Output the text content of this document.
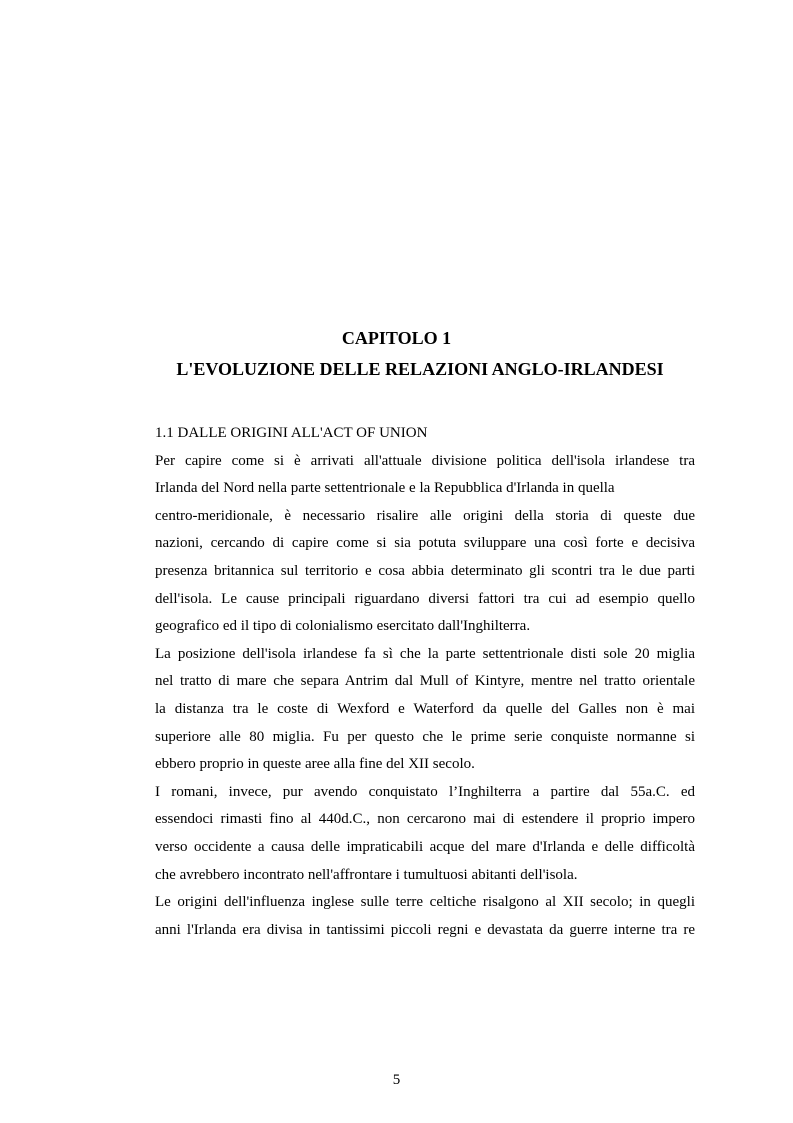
CAPITOLO 1
L'EVOLUZIONE DELLE RELAZIONI ANGLO-IRLANDESI
1.1 DALLE ORIGINI ALL'ACT OF UNION

Per capire come si è arrivati all'attuale divisione politica dell'isola irlandese tra
Irlanda del Nord nella parte settentrionale e la Repubblica d'Irlanda in quella
centro-meridionale, è necessario risalire alle origini della storia di queste due
nazioni, cercando di capire come si sia potuta sviluppare una così forte e decisiva
presenza britannica sul territorio e cosa abbia determinato gli scontri tra le due parti
dell'isola. Le cause principali riguardano diversi fattori tra cui ad esempio quello
geografico ed il tipo di colonialismo esercitato dall'Inghilterra.

La posizione dell'isola irlandese fa sì che la parte settentrionale disti sole 20 miglia
nel tratto di mare che separa Antrim dal Mull of Kintyre, mentre nel tratto orientale
la distanza tra le coste di Wexford e Waterford da quelle del Galles non è mai
superiore alle 80 miglia. Fu per questo che le prime serie conquiste normanne si
ebbero proprio in queste aree alla fine del XII secolo.

I romani, invece, pur avendo conquistato l’Inghilterra a partire dal 55a.C. ed
essendoci rimasti fino al 440d.C., non cercarono mai di estendere il proprio impero
verso occidente a causa delle impraticabili acque del mare d'Irlanda e delle difficoltà
che avrebbero incontrato nell'affrontare i tumultuosi abitanti dell'isola.

Le origini dell'influenza inglese sulle terre celtiche risalgono al XII secolo; in quegli
anni l'Irlanda era divisa in tantissimi piccoli regni e devastata da guerre interne tra re

5
